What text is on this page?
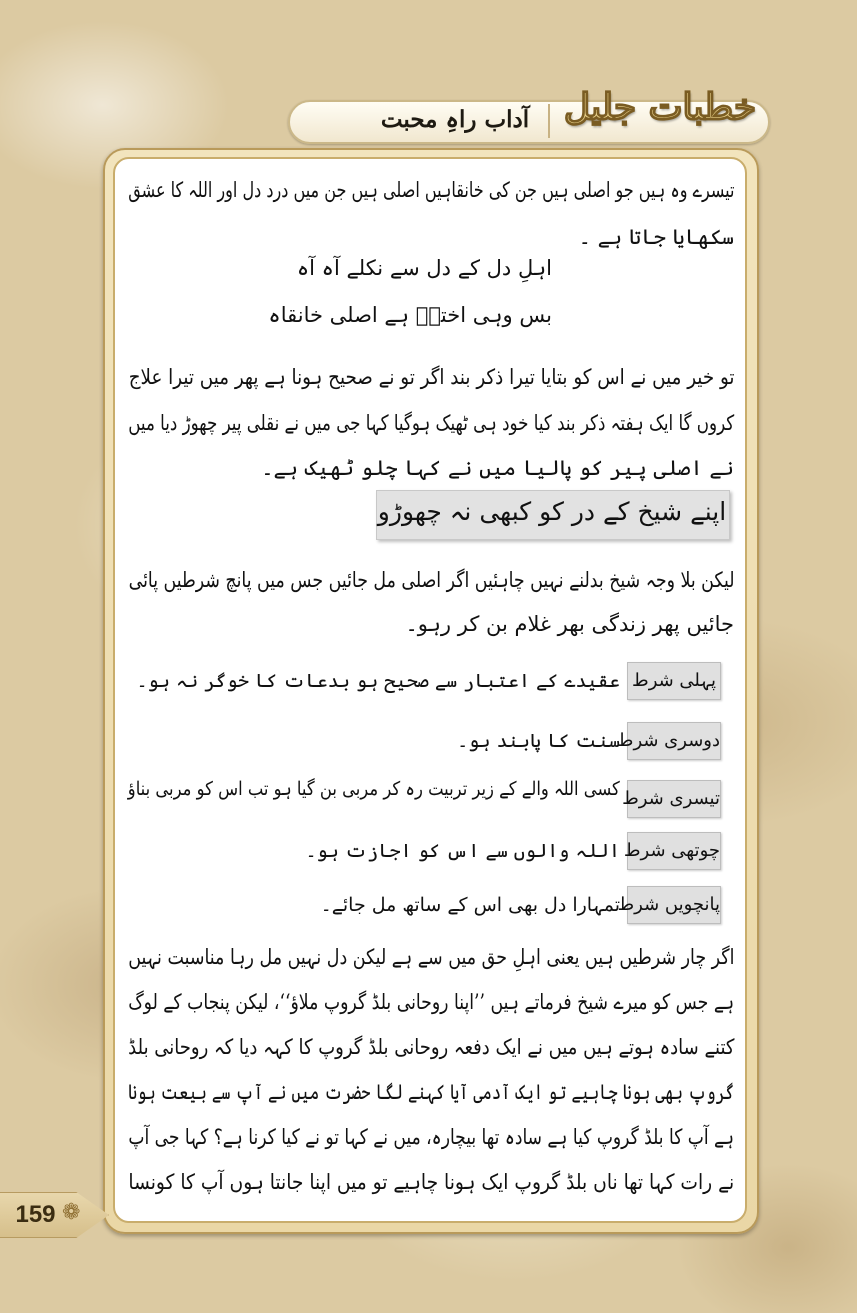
آداب راہِ محبت خطبات جلیل
تیسرے وہ ہیں جو اصلی ہیں جن کی خانقاہیں اصلی ہیں جن میں درد دل اور اللہ کا عشق
سکھایا جاتا ہے ۔
اہلِ دل کے دل سے نکلے آہ آہ
بس وہی اخترؔ ہے اصلی خانقاہ
تو خیر میں نے اس کو بتایا تیرا ذکر بند اگر تو نے صحیح ہونا ہے پھر میں تیرا علاج
کروں گا ایک ہفتہ ذکر بند کیا خود ہی ٹھیک ہوگیا کہا جی میں نے نقلی پیر چھوڑ دیا میں
نے اصلی پیر کو پالیا میں نے کہا چلو ٹھیک ہے۔
اپنے شیخ کے در کو کبھی نہ چھوڑو
لیکن بلا وجہ شیخ بدلنے نہیں چاہئیں اگر اصلی مل جائیں جس میں پانچ شرطیں پائی
جائیں پھر زندگی بھر غلام بن کر رہو۔
پہلی شرط
عقیدے کے اعتبار سے صحیح ہو بدعات کا خوگر نہ ہو۔
دوسری شرط
سنت کا پابند ہو۔
تیسری شرط
کسی اللہ والے کے زیر تربیت رہ کر مربی بن گیا ہو تب اس کو مربی بناؤ
چوتھی شرط
اللہ والوں سے اس کو اجازت ہو۔
پانچویں شرط
تمہارا دل بھی اس کے ساتھ مل جائے۔
اگر چار شرطیں ہیں یعنی اہلِ حق میں سے ہے لیکن دل نہیں مل رہا مناسبت نہیں
ہے جس کو میرے شیخ فرماتے ہیں ’’اپنا روحانی بلڈ گروپ ملاؤ‘‘، لیکن پنجاب کے لوگ
کتنے سادہ ہوتے ہیں میں نے ایک دفعہ روحانی بلڈ گروپ کا کہہ دیا کہ روحانی بلڈ
گروپ بھی ہونا چاہیے تو ایک آدمی آیا کہنے لگا حضرت میں نے آپ سے بیعت ہونا
ہے آپ کا بلڈ گروپ کیا ہے سادہ تھا بیچارہ، میں نے کہا تو نے کیا کرنا ہے؟ کہا جی آپ
نے رات کہا تھا ناں بلڈ گروپ ایک ہونا چاہیے تو میں اپنا جانتا ہوں آپ کا کونسا
❁
159
